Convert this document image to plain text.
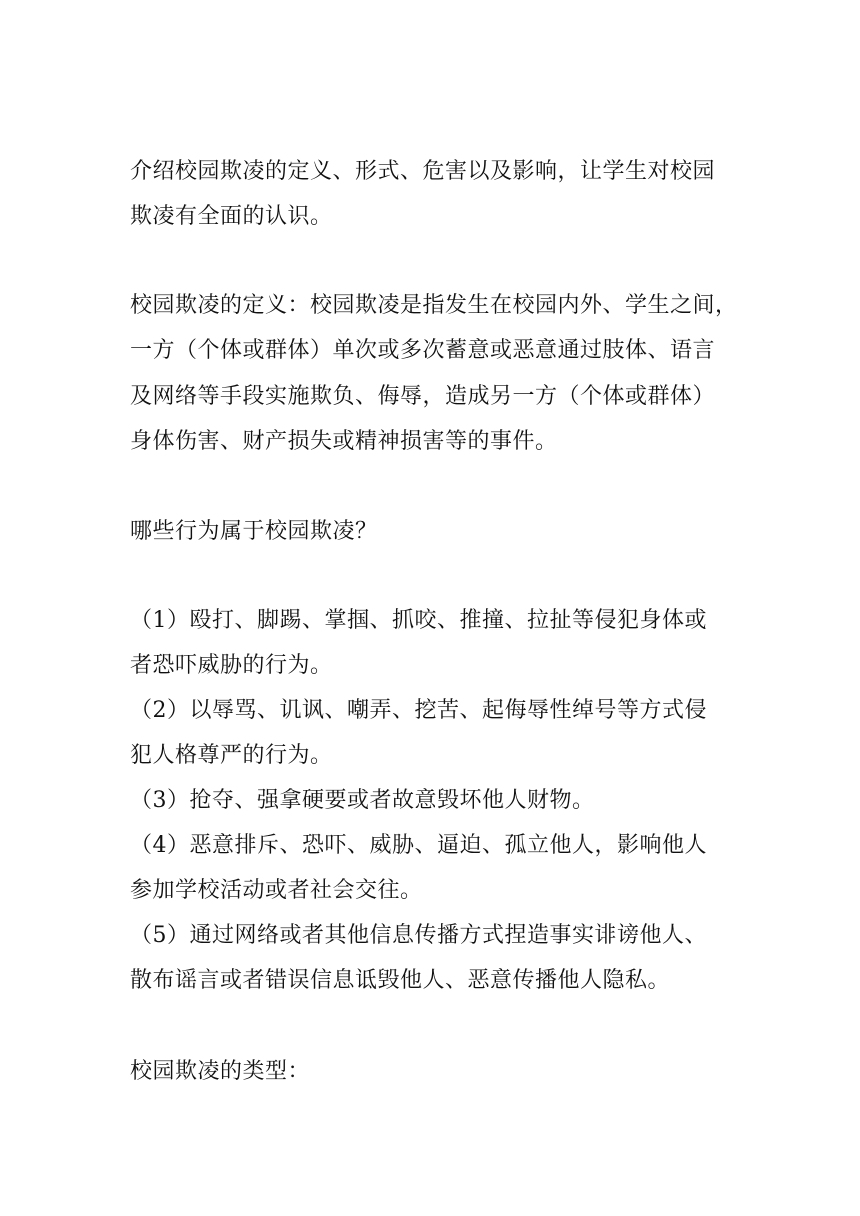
介绍校园欺凌的定义、形式、危害以及影响，让学生对校园
欺凌有全面的认识。
校园欺凌的定义：校园欺凌是指发生在校园内外、学生之间，
一方（个体或群体）单次或多次蓄意或恶意通过肢体、语言
及网络等手段实施欺负、侮辱，造成另一方（个体或群体）
身体伤害、财产损失或精神损害等的事件。
哪些行为属于校园欺凌？
（1）殴打、脚踢、掌掴、抓咬、推撞、拉扯等侵犯身体或
者恐吓威胁的行为。
（2）以辱骂、讥讽、嘲弄、挖苦、起侮辱性绰号等方式侵
犯人格尊严的行为。
（3）抢夺、强拿硬要或者故意毁坏他人财物。
（4）恶意排斥、恐吓、威胁、逼迫、孤立他人，影响他人
参加学校活动或者社会交往。
（5）通过网络或者其他信息传播方式捏造事实诽谤他人、
散布谣言或者错误信息诋毁他人、恶意传播他人隐私。
校园欺凌的类型：
